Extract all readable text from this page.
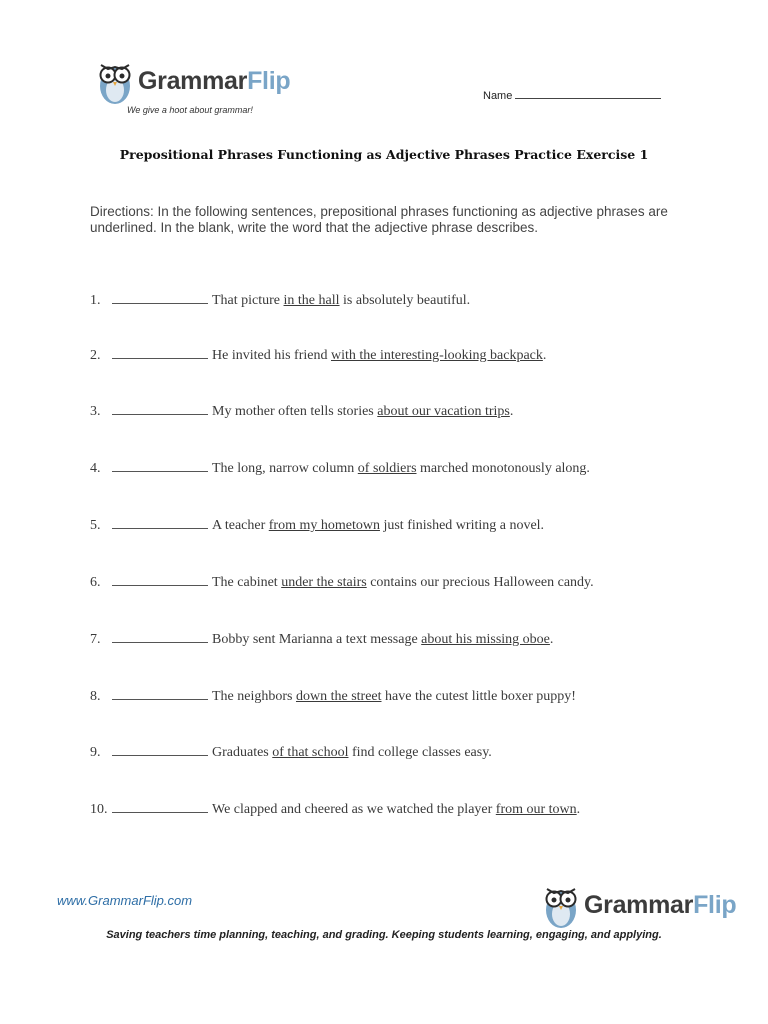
GrammarFlip
We give a hoot about grammar!
Name
Prepositional Phrases Functioning as Adjective Phrases Practice Exercise 1
Directions: In the following sentences, prepositional phrases functioning as adjective phrases are underlined. In the blank, write the word that the adjective phrase describes.
1.	That picture in the hall is absolutely beautiful.
2.	He invited his friend with the interesting-looking backpack.
3.	My mother often tells stories about our vacation trips.
4.	The long, narrow column of soldiers marched monotonously along.
5.	A teacher from my hometown just finished writing a novel.
6.	The cabinet under the stairs contains our precious Halloween candy.
7.	Bobby sent Marianna a text message about his missing oboe.
8.	The neighbors down the street have the cutest little boxer puppy!
9.	Graduates of that school find college classes easy.
10.	We clapped and cheered as we watched the player from our town.
www.GrammarFlip.com	GrammarFlip
Saving teachers time planning, teaching, and grading. Keeping students learning, engaging, and applying.
